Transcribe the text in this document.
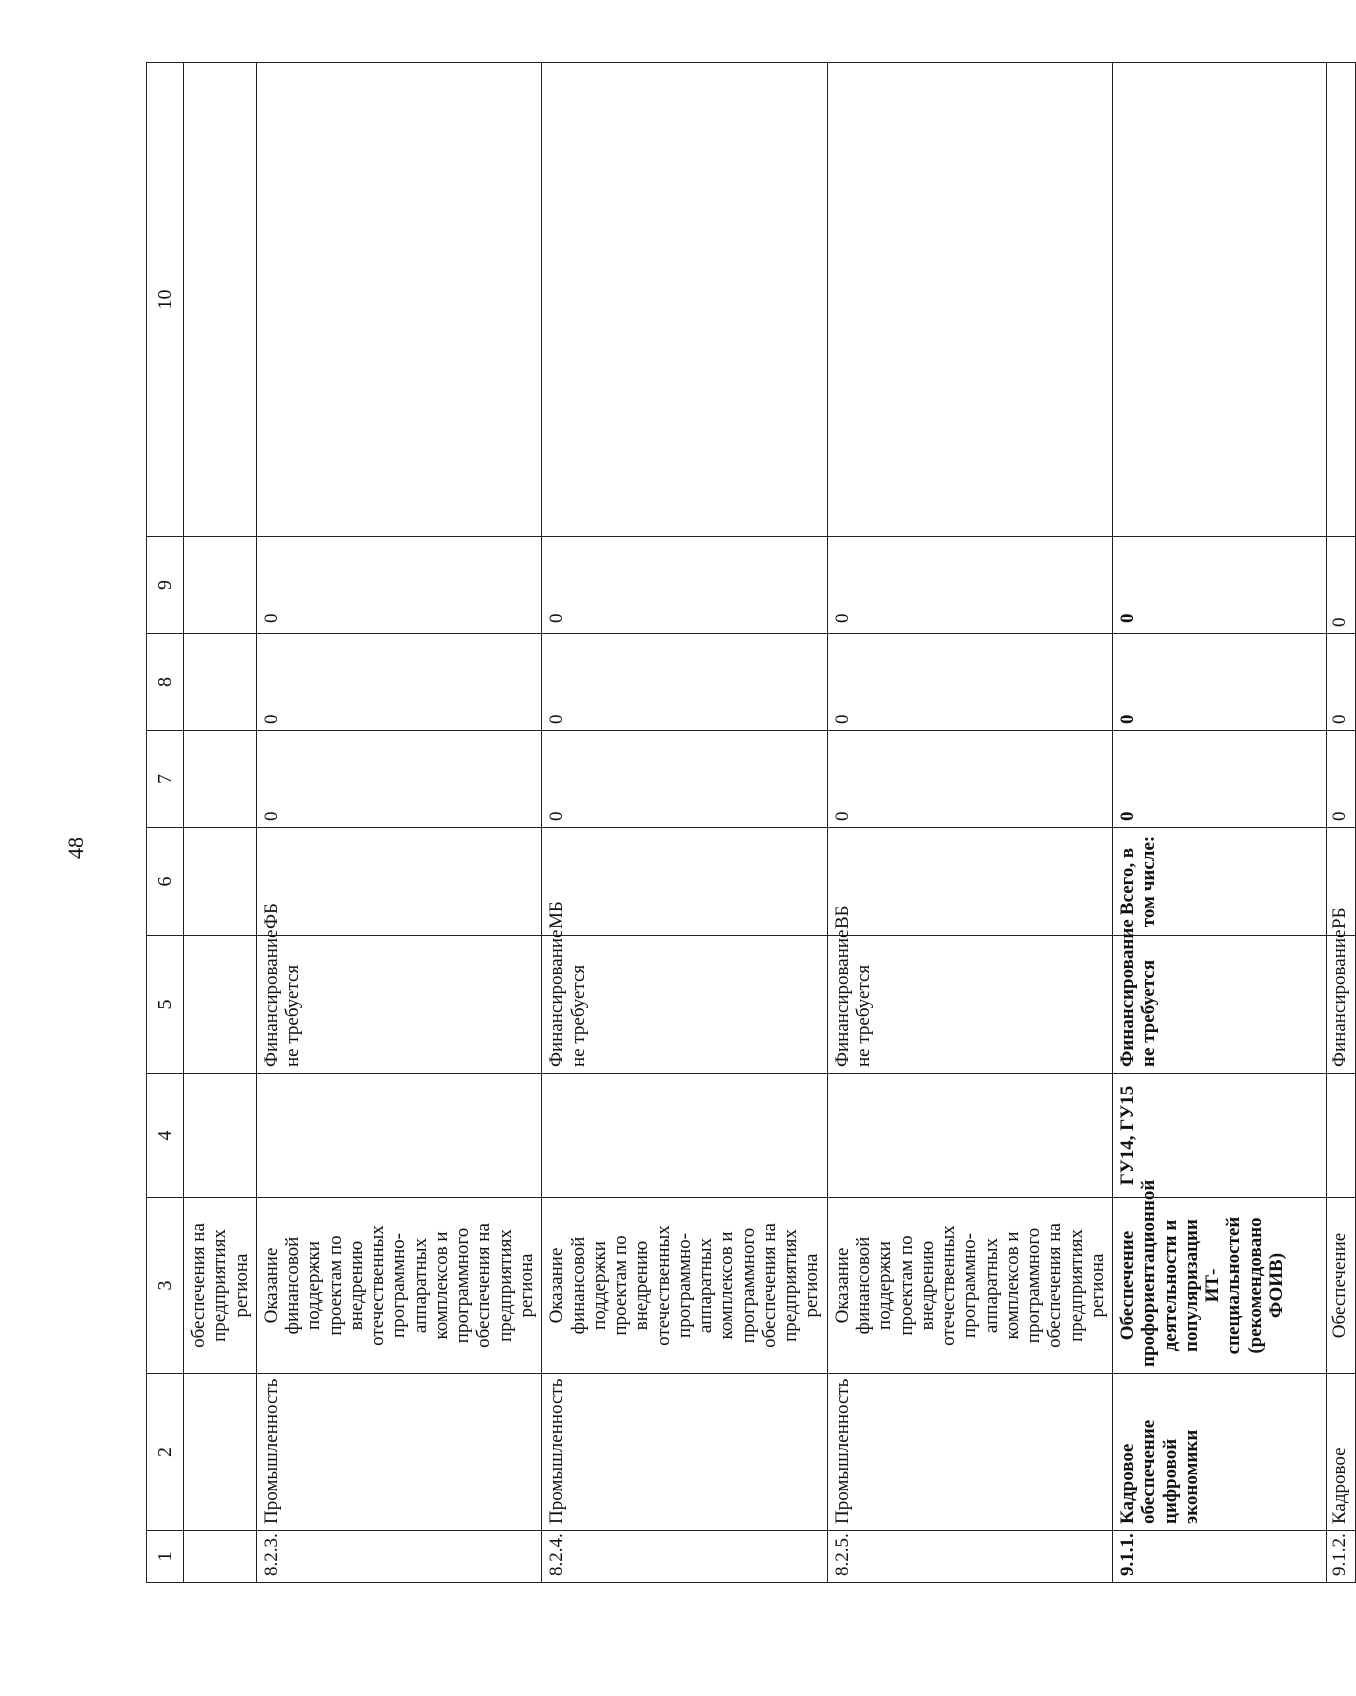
48
1	2	3	4	5	6	7	8	9	10
		обеспечения на предприятиях региона							
8.2.3.	Промышленность	Оказание финансовой поддержки проектам по внедрению отечественных программно-аппаратных комплексов и программного обеспечения на предприятиях региона		Финансирование не требуется	ФБ	0	0	0	
8.2.4.	Промышленность	Оказание финансовой поддержки проектам по внедрению отечественных программно-аппаратных комплексов и программного обеспечения на предприятиях региона		Финансирование не требуется	МБ	0	0	0	
8.2.5.	Промышленность	Оказание финансовой поддержки проектам по внедрению отечественных программно-аппаратных комплексов и программного обеспечения на предприятиях региона		Финансирование не требуется	ВБ	0	0	0	
9.1.1.	Кадровое обеспечение цифровой экономики	Обеспечение профориентационной деятельности и популяризации ИТ-специальностей (рекомендовано ФОИВ)	ГУ14, ГУ15	Финансирование не требуется	Всего, в том числе:	0	0	0	
9.1.2.	Кадровое	Обеспечение		Финансирование	РБ	0	0	0	
